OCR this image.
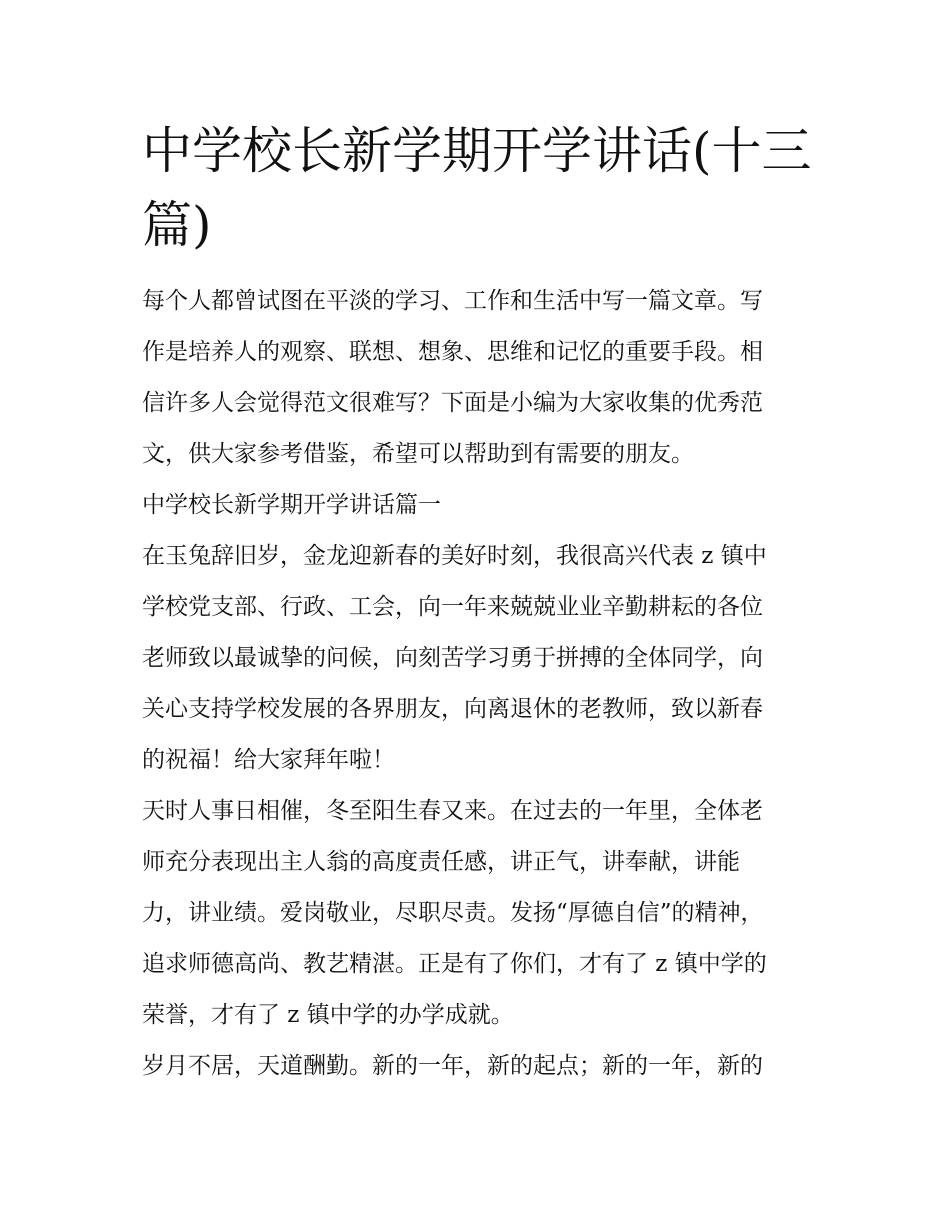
中学校长新学期开学讲话(十三
篇)

每个人都曾试图在平淡的学习、工作和生活中写一篇文章。写

作是培养人的观察、联想、想象、思维和记忆的重要手段。相

信许多人会觉得范文很难写？下面是小编为大家收集的优秀范

文，供大家参考借鉴，希望可以帮助到有需要的朋友。

中学校长新学期开学讲话篇一

在玉兔辞旧岁，金龙迎新春的美好时刻，我很高兴代表 z 镇中

学校党支部、行政、工会，向一年来兢兢业业辛勤耕耘的各位

老师致以最诚挚的问候，向刻苦学习勇于拼搏的全体同学，向

关心支持学校发展的各界朋友，向离退休的老教师，致以新春

的祝福！给大家拜年啦！

天时人事日相催，冬至阳生春又来。在过去的一年里，全体老

师充分表现出主人翁的高度责任感，讲正气，讲奉献，讲能

力，讲业绩。爱岗敬业，尽职尽责。发扬“厚德自信”的精神，

追求师德高尚、教艺精湛。正是有了你们，才有了 z 镇中学的

荣誉，才有了 z 镇中学的办学成就。

岁月不居，天道酬勤。新的一年，新的起点；新的一年，新的
